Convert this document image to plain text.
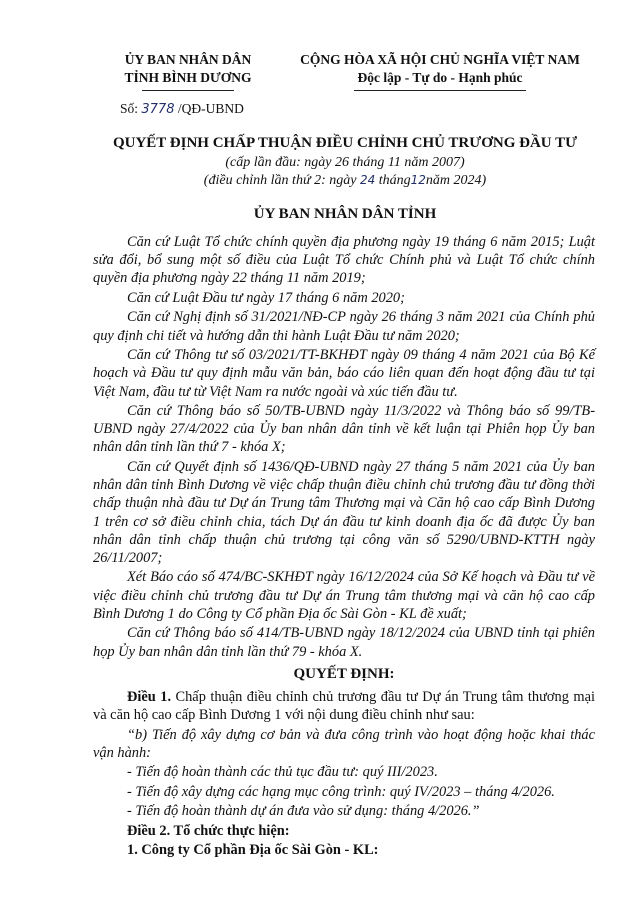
ỦY BAN NHÂN DÂN
TỈNH BÌNH DƯƠNG
CỘNG HÒA XÃ HỘI CHỦ NGHĨA VIỆT NAM
Độc lập - Tự do - Hạnh phúc
Số: 3778 /QĐ-UBND
QUYẾT ĐỊNH CHẤP THUẬN ĐIỀU CHỈNH CHỦ TRƯƠNG ĐẦU TƯ
(cấp lần đầu: ngày 26 tháng 11 năm 2007)
(điều chỉnh lần thứ 2: ngày 24 tháng12năm 2024)
ỦY BAN NHÂN DÂN TỈNH

Căn cứ Luật Tổ chức chính quyền địa phương ngày 19 tháng 6 năm 2015; Luật sửa đổi, bổ sung một số điều của Luật Tổ chức Chính phủ và Luật Tổ chức chính quyền địa phương ngày 22 tháng 11 năm 2019;

Căn cứ Luật Đầu tư ngày 17 tháng 6 năm 2020;

Căn cứ Nghị định số 31/2021/NĐ-CP ngày 26 tháng 3 năm 2021 của Chính phủ quy định chi tiết và hướng dẫn thi hành Luật Đầu tư năm 2020;

Căn cứ Thông tư số 03/2021/TT-BKHĐT ngày 09 tháng 4 năm 2021 của Bộ Kế hoạch và Đầu tư quy định mẫu văn bản, báo cáo liên quan đến hoạt động đầu tư tại Việt Nam, đầu tư từ Việt Nam ra nước ngoài và xúc tiến đầu tư.

Căn cứ Thông báo số 50/TB-UBND ngày 11/3/2022 và Thông báo số 99/TB-UBND ngày 27/4/2022 của Ủy ban nhân dân tỉnh về kết luận tại Phiên họp Ủy ban nhân dân tỉnh lần thứ 7 - khóa X;

Căn cứ Quyết định số 1436/QĐ-UBND ngày 27 tháng 5 năm 2021 của Ủy ban nhân dân tỉnh Bình Dương về việc chấp thuận điều chỉnh chủ trương đầu tư đồng thời chấp thuận nhà đầu tư Dự án Trung tâm Thương mại và Căn hộ cao cấp Bình Dương 1 trên cơ sở điều chỉnh chia, tách Dự án đầu tư kinh doanh địa ốc đã được Ủy ban nhân dân tỉnh chấp thuận chủ trương tại công văn số 5290/UBND-KTTH ngày 26/11/2007;

Xét Báo cáo số 474/BC-SKHĐT ngày 16/12/2024 của Sở Kế hoạch và Đầu tư về việc điều chỉnh chủ trương đầu tư Dự án Trung tâm thương mại và căn hộ cao cấp Bình Dương 1 do Công ty Cổ phần Địa ốc Sài Gòn - KL đề xuất;

Căn cứ Thông báo số 414/TB-UBND ngày 18/12/2024 của UBND tỉnh tại phiên họp Ủy ban nhân dân tỉnh lần thứ 79 - khóa X.

QUYẾT ĐỊNH:

Điều 1. Chấp thuận điều chỉnh chủ trương đầu tư Dự án Trung tâm thương mại và căn hộ cao cấp Bình Dương 1 với nội dung điều chỉnh như sau:

“b) Tiến độ xây dựng cơ bản và đưa công trình vào hoạt động hoặc khai thác vận hành:

- Tiến độ hoàn thành các thủ tục đầu tư: quý III/2023.

- Tiến độ xây dựng các hạng mục công trình: quý IV/2023 – tháng 4/2026.

- Tiến độ hoàn thành dự án đưa vào sử dụng: tháng 4/2026.”

Điều 2. Tổ chức thực hiện:

1. Công ty Cổ phần Địa ốc Sài Gòn - KL:
